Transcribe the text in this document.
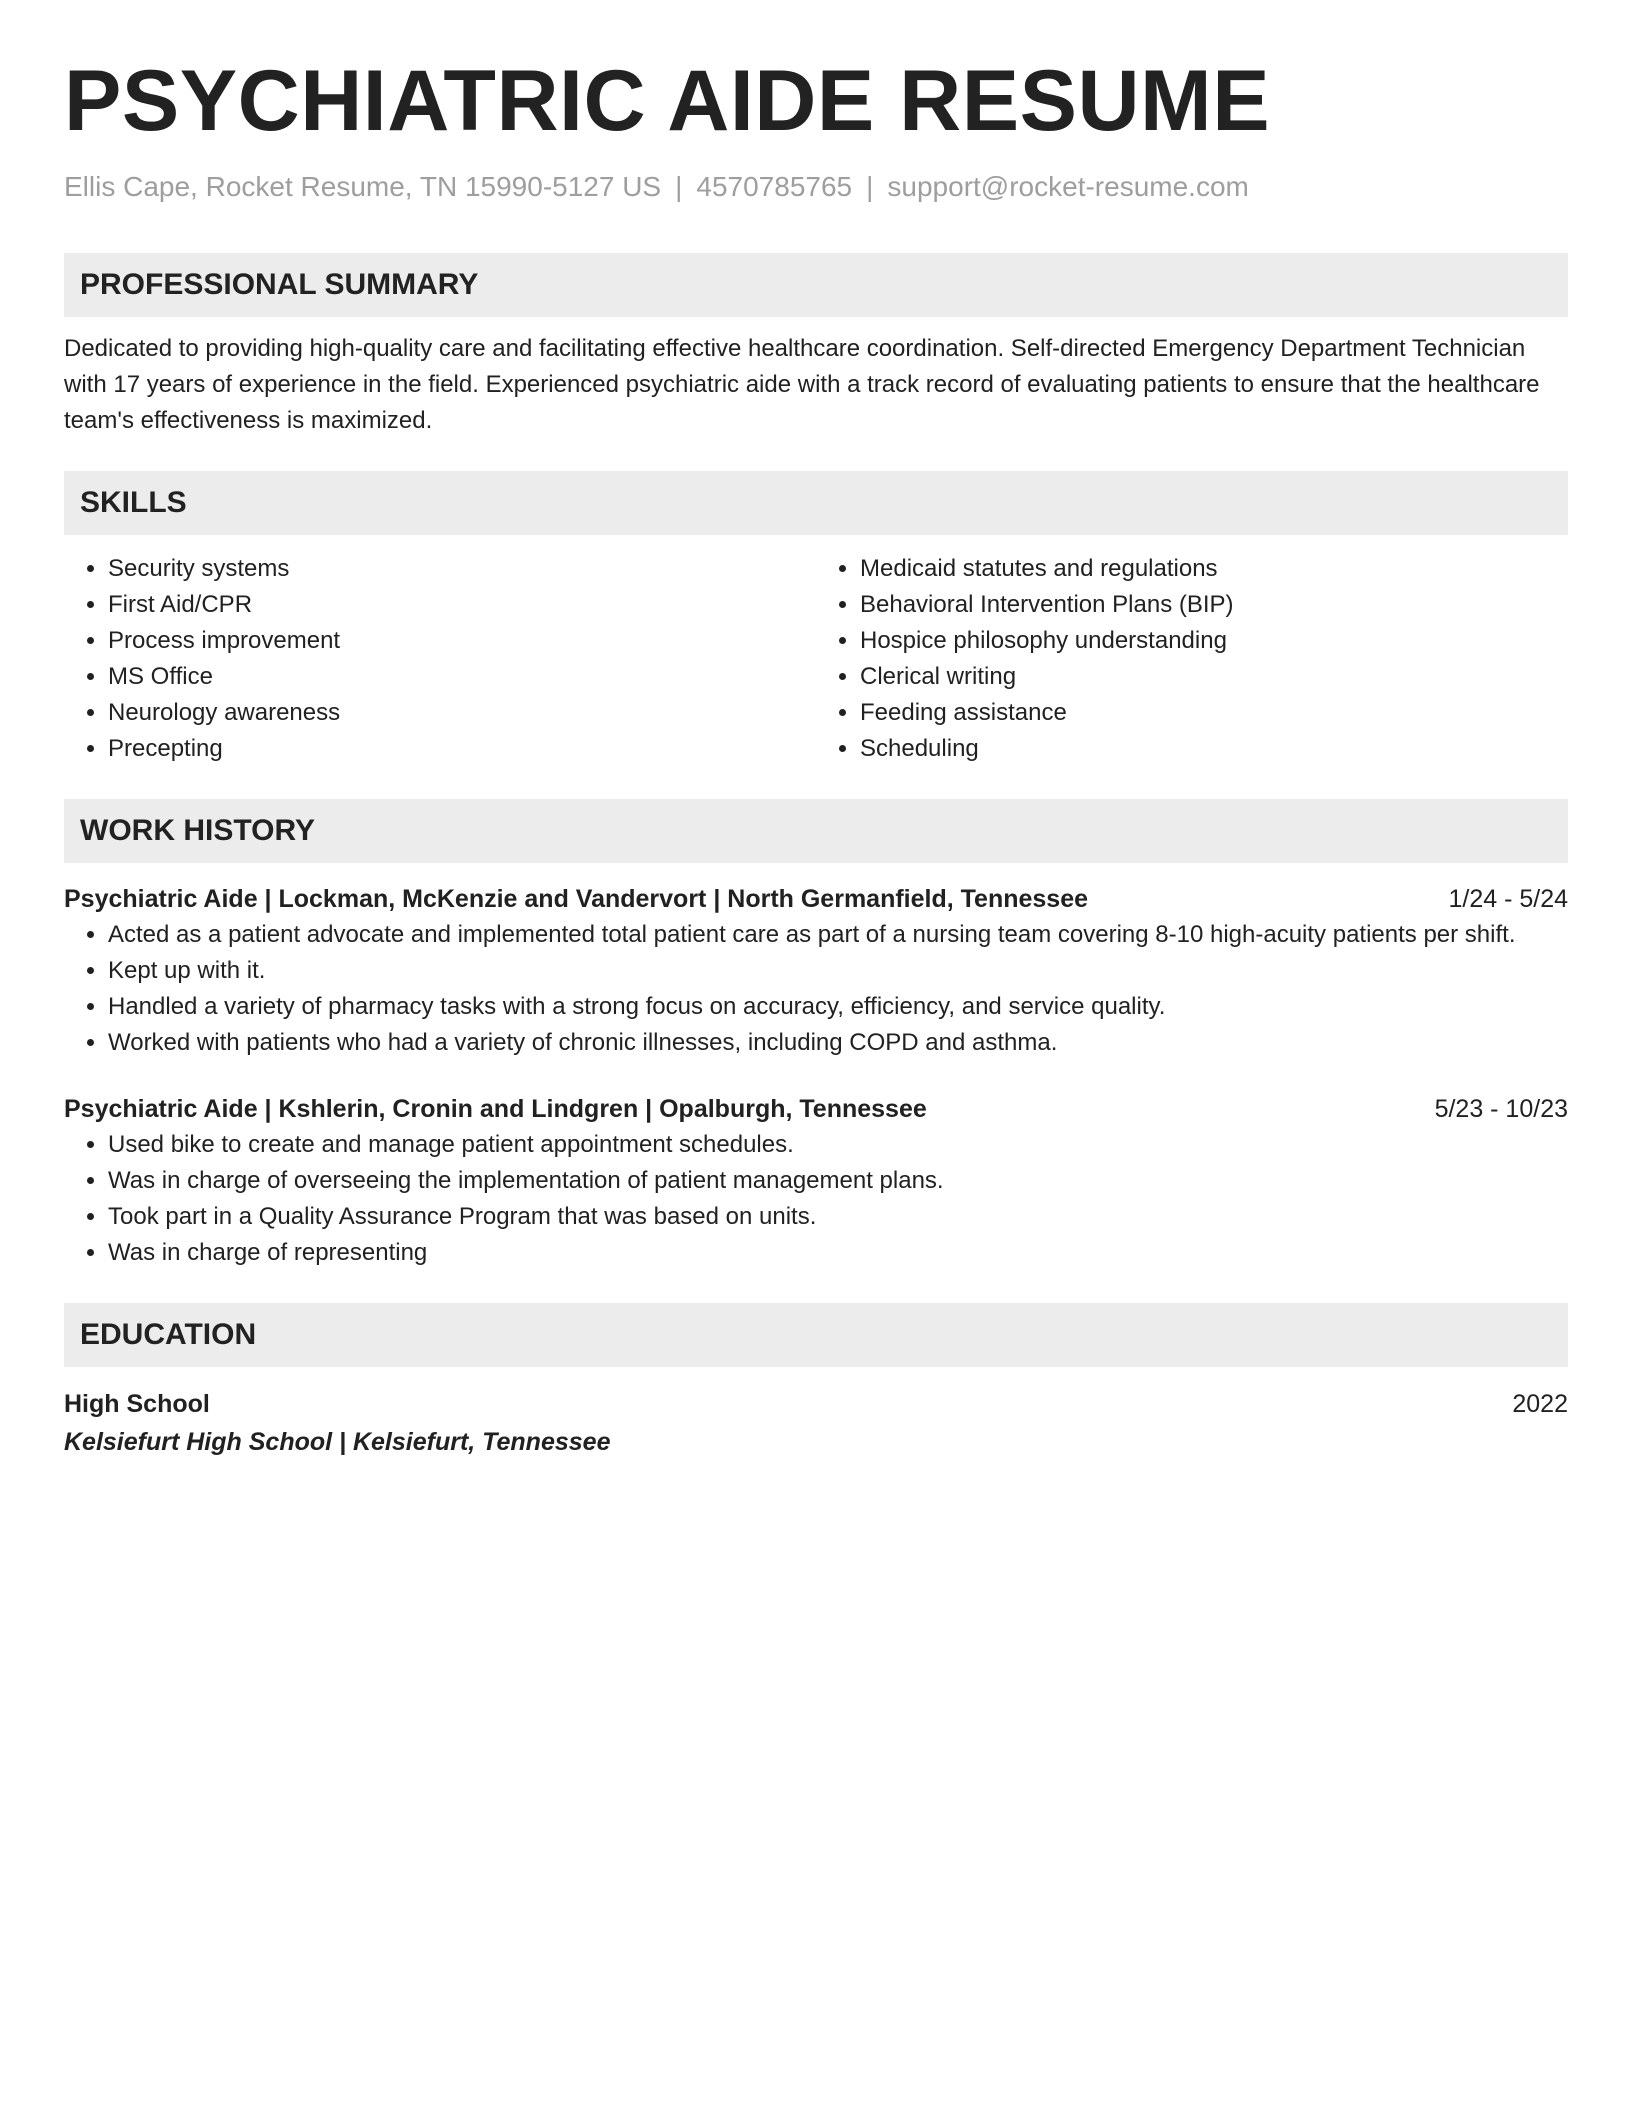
PSYCHIATRIC AIDE RESUME
Ellis Cape, Rocket Resume, TN 15990-5127 US | 4570785765 | support@rocket-resume.com
PROFESSIONAL SUMMARY
Dedicated to providing high-quality care and facilitating effective healthcare coordination. Self-directed Emergency Department Technician with 17 years of experience in the field. Experienced psychiatric aide with a track record of evaluating patients to ensure that the healthcare team's effectiveness is maximized.
SKILLS
• Security systems
• First Aid/CPR
• Process improvement
• MS Office
• Neurology awareness
• Precepting
• Medicaid statutes and regulations
• Behavioral Intervention Plans (BIP)
• Hospice philosophy understanding
• Clerical writing
• Feeding assistance
• Scheduling
WORK HISTORY
Psychiatric Aide | Lockman, McKenzie and Vandervort | North Germanfield, Tennessee	1/24 - 5/24
• Acted as a patient advocate and implemented total patient care as part of a nursing team covering 8-10 high-acuity patients per shift.
• Kept up with it.
• Handled a variety of pharmacy tasks with a strong focus on accuracy, efficiency, and service quality.
• Worked with patients who had a variety of chronic illnesses, including COPD and asthma.
Psychiatric Aide | Kshlerin, Cronin and Lindgren | Opalburgh, Tennessee	5/23 - 10/23
• Used bike to create and manage patient appointment schedules.
• Was in charge of overseeing the implementation of patient management plans.
• Took part in a Quality Assurance Program that was based on units.
• Was in charge of representing
EDUCATION
High School	2022
Kelsiefurt High School | Kelsiefurt, Tennessee
